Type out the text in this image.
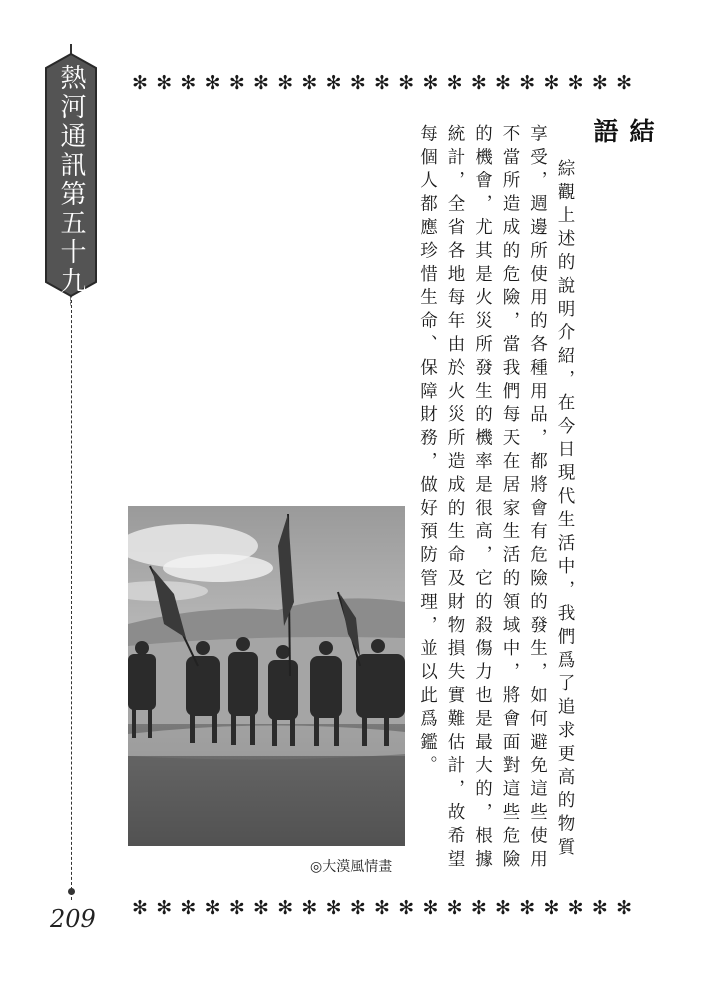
✻ ✻ ✻ ✻ ✻ ✻ ✻ ✻ ✻ ✻ ✻ ✻ ✻ ✻ ✻ ✻ ✻ ✻ ✻ ✻ ✻
✻ ✻ ✻ ✻ ✻ ✻ ✻ ✻ ✻ ✻ ✻ ✻ ✻ ✻ ✻ ✻ ✻ ✻ ✻ ✻ ✻
熱河通訊第五十九期
209
結語

綜觀上述的說明介紹，在今日現代生活中，我們爲了追求更高的物質享受，週邊所使用的各種用品，都將會有危險的發生，如何避免這些使用不當所造成的危險，當我們每天在居家生活的領域中，將會面對這些危險的機會，尤其是火災所發生的機率是很高，它的殺傷力也是最大的，根據統計，全省各地每年由於火災所造成的生命及財物損失實難估計，故希望每個人都應珍惜生命、保障財務，做好預防管理，並以此爲鑑。

◎大漠風情畫
